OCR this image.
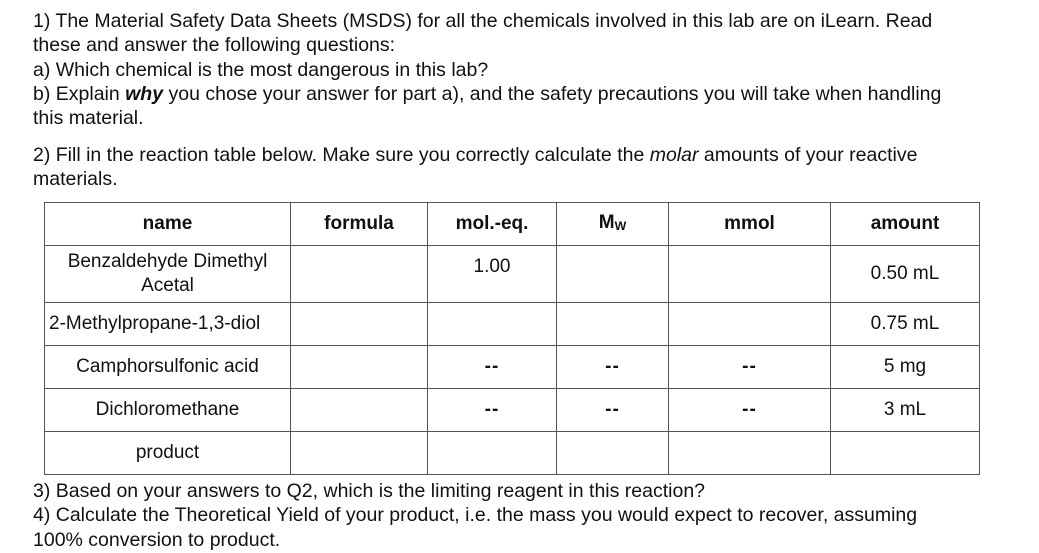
1) The Material Safety Data Sheets (MSDS) for all the chemicals involved in this lab are on iLearn. Read
these and answer the following questions:
a) Which chemical is the most dangerous in this lab?
b) Explain why you chose your answer for part a), and the safety precautions you will take when handling
this material.
2) Fill in the reaction table below. Make sure you correctly calculate the molar amounts of your reactive
materials.
name	formula	mol.-eq.	$M_W$	mmol	amount
Benzaldehyde Dimethyl Acetal		1.00			0.50 mL
2-Methylpropane-1,3-diol					0.75 mL
Camphorsulfonic acid		--	--	--	5 mg
Dichloromethane		--	--	--	3 mL
product					
3) Based on your answers to Q2, which is the limiting reagent in this reaction?
4) Calculate the Theoretical Yield of your product, i.e. the mass you would expect to recover, assuming
100% conversion to product.
